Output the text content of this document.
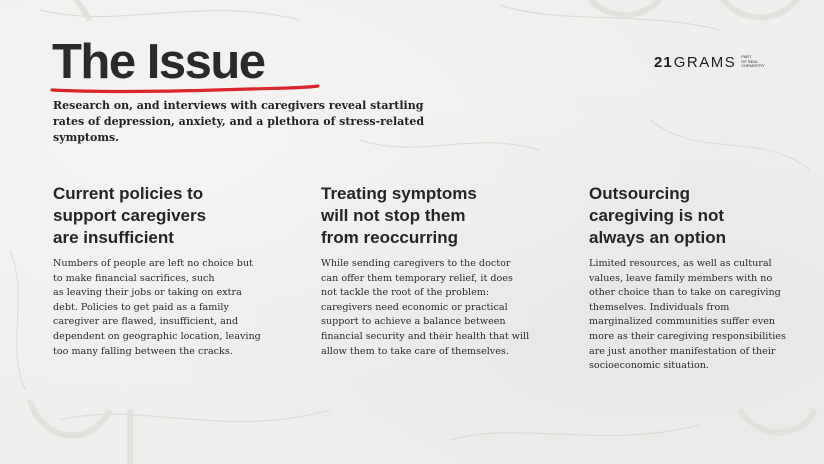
The Issue

Research on, and interviews with caregivers reveal startling rates of depression, anxiety, and a plethora of stress-related symptoms.

21 GRAMS PART
OF REAL
CHEMISTRY
Current policies to
support caregivers
are insufficient

Numbers of people are left no choice but
to make financial sacrifices, such
as leaving their jobs or taking on extra
debt. Policies to get paid as a family
caregiver are flawed, insufficient, and
dependent on geographic location, leaving
too many falling between the cracks.

Treating symptoms
will not stop them
from reoccurring

While sending caregivers to the doctor
can offer them temporary relief, it does
not tackle the root of the problem:
caregivers need economic or practical
support to achieve a balance between
financial security and their health that will
allow them to take care of themselves.

Outsourcing
caregiving is not
always an option

Limited resources, as well as cultural
values, leave family members with no
other choice than to take on caregiving
themselves. Individuals from
marginalized communities suffer even
more as their caregiving responsibilities
are just another manifestation of their
socioeconomic situation.
